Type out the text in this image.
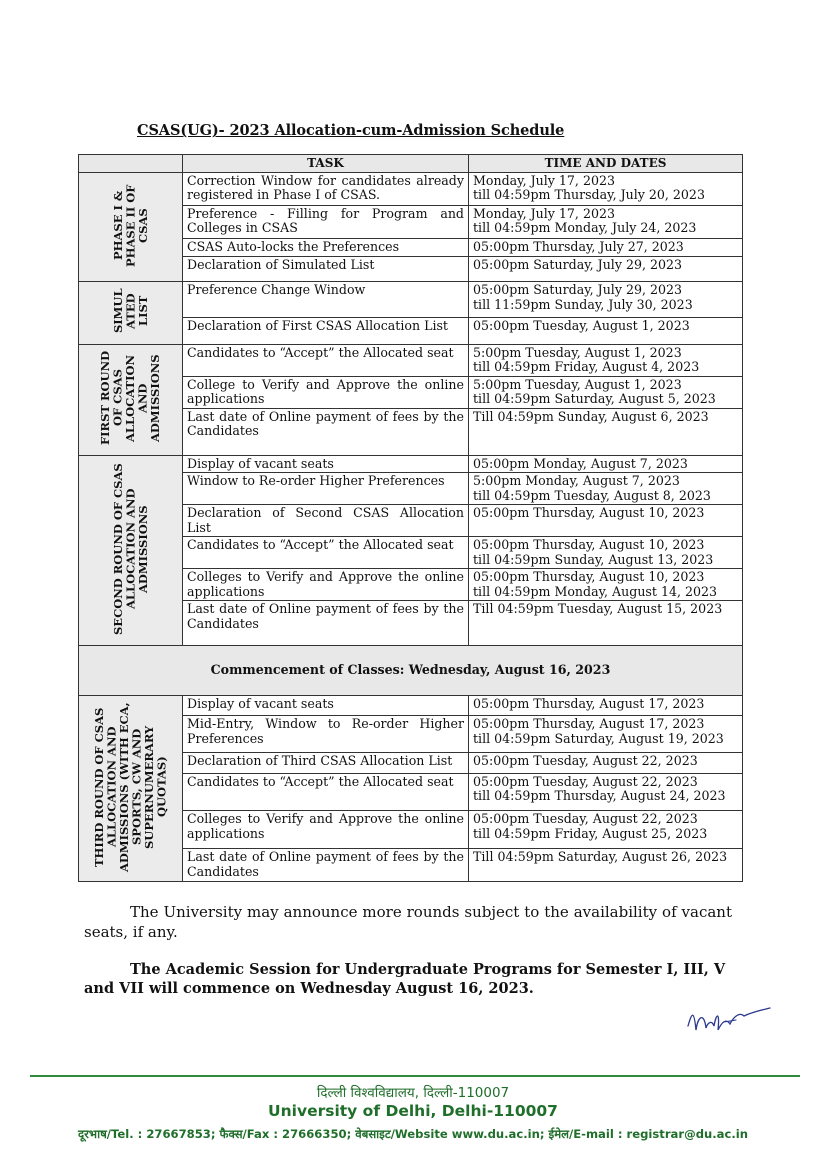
CSAS(UG)- 2023 Allocation-cum-Admission Schedule
	TASK	TIME AND DATES
PHASE I & PHASE II OF CSAS	Correction Window for candidates already registered in Phase I of CSAS.	Monday, July 17, 2023
till 04:59pm Thursday, July 20, 2023
	Preference - Filling for Program and Colleges in CSAS	Monday, July 17, 2023
till 04:59pm Monday, July 24, 2023
	CSAS Auto-locks the Preferences	05:00pm Thursday, July 27, 2023
	Declaration of Simulated List	05:00pm Saturday, July 29, 2023
SIMUL ATED LIST	Preference Change Window	05:00pm Saturday, July 29, 2023
till 11:59pm Sunday, July 30, 2023
	Declaration of First CSAS Allocation List	05:00pm Tuesday, August 1, 2023
FIRST ROUND OF CSAS ALLOCATION AND ADMISSIONS	Candidates to “Accept” the Allocated seat	5:00pm Tuesday, August 1, 2023
till 04:59pm Friday, August 4, 2023
	College to Verify and Approve the online applications	5:00pm Tuesday, August 1, 2023
till 04:59pm Saturday, August 5, 2023
	Last date of Online payment of fees by the Candidates	Till 04:59pm Sunday, August 6, 2023
SECOND ROUND OF CSAS ALLOCATION AND ADMISSIONS	Display of vacant seats	05:00pm Monday, August 7, 2023
	Window to Re-order Higher Preferences	5:00pm Monday, August 7, 2023
till 04:59pm Tuesday, August 8, 2023
	Declaration of Second CSAS Allocation List	05:00pm Thursday, August 10, 2023
	Candidates to “Accept” the Allocated seat	05:00pm Thursday, August 10, 2023
till 04:59pm Sunday, August 13, 2023
	Colleges to Verify and Approve the online applications	05:00pm Thursday, August 10, 2023
till 04:59pm Monday, August 14, 2023
	Last date of Online payment of fees by the Candidates	Till 04:59pm Tuesday, August 15, 2023
Commencement of Classes: Wednesday, August 16, 2023		
THIRD ROUND OF CSAS ALLOCATION AND ADMISSIONS (WITH ECA, SPORTS, CW AND SUPERNUMERARY QUOTAS)	Display of vacant seats	05:00pm Thursday, August 17, 2023
	Mid-Entry, Window to Re-order Higher Preferences	05:00pm Thursday, August 17, 2023
till 04:59pm Saturday, August 19, 2023
	Declaration of Third CSAS Allocation List	05:00pm Tuesday, August 22, 2023
	Candidates to “Accept” the Allocated seat	05:00pm Tuesday, August 22, 2023
till 04:59pm Thursday, August 24, 2023
	Colleges to Verify and Approve the online applications	05:00pm Tuesday, August 22, 2023
till 04:59pm Friday, August 25, 2023
	Last date of Online payment of fees by the Candidates	Till 04:59pm Saturday, August 26, 2023

The University may announce more rounds subject to the availability of vacant seats, if any.

The Academic Session for Undergraduate Programs for Semester I, III, V and VII will commence on Wednesday August 16, 2023.

दिल्ली विश्वविद्यालय, दिल्ली-110007
University of Delhi, Delhi-110007
दूरभाष/Tel. : 27667853; फैक्स/Fax : 27666350; वेबसाइट/Website www.du.ac.in; ईमेल/E-mail : registrar@du.ac.in
